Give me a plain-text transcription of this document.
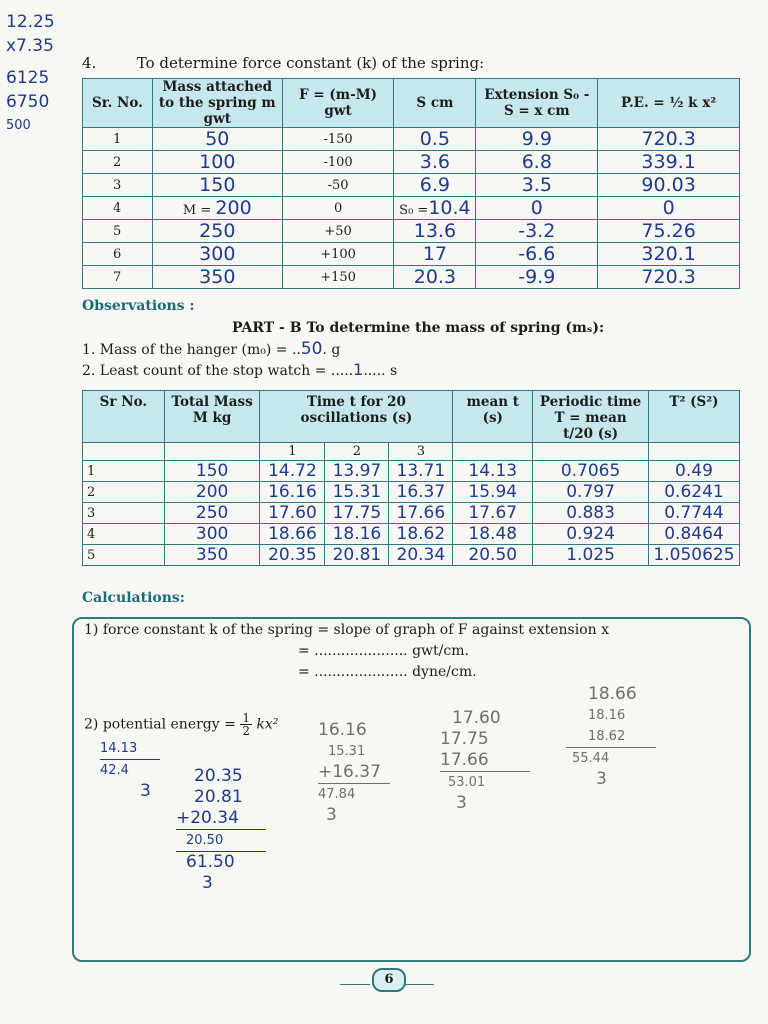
12.25
x7.35
6125
6750
500
4.	To determine force constant (k) of the spring:
Sr. No.	Mass attached to the spring m gwt	F = (m-M) gwt	S cm	Extension S₀ - S = x cm	P.E. = ½ k x²
1	50	-150	0.5	9.9	720.3
2	100	-100	3.6	6.8	339.1
3	150	-50	6.9	3.5	90.03
4	M = 200	0	S₀ =10.4	0	0
5	250	+50	13.6	-3.2	75.26
6	300	+100	17	-6.6	320.1
7	350	+150	20.3	-9.9	720.3
Observations :
PART - B To determine the mass of spring (mₛ):
1. Mass of the hanger (m₀) = ..50. g
2. Least count of the stop watch = .....1..... s
Sr No.	Total Mass M kg	Time t for 20 oscillations (s)			mean t (s)	Periodic time T = mean t/20 (s)	T² (S²)
		1	2	3			
1	150	14.72	13.97	13.71	14.13	0.7065	0.49
2	200	16.16	15.31	16.37	15.94	0.797	0.6241
3	250	17.60	17.75	17.66	17.67	0.883	0.7744
4	300	18.66	18.16	18.62	18.48	0.924	0.8464
5	350	20.35	20.81	20.34	20.50	1.025	1.050625
Calculations:
1) force constant k of the spring = slope of graph of F against extension x
= ..................... gwt/cm.
= ..................... dyne/cm.
2) potential energy = $\frac{1}{2} kx^2$
14.13
42.4
3
20.35
20.81
+20.34
20.50
61.50
3
16.16
15.31
+16.37
47.84
3
17.60
17.75
17.66
53.01
3
18.66
18.16
18.62
55.44
3
6
